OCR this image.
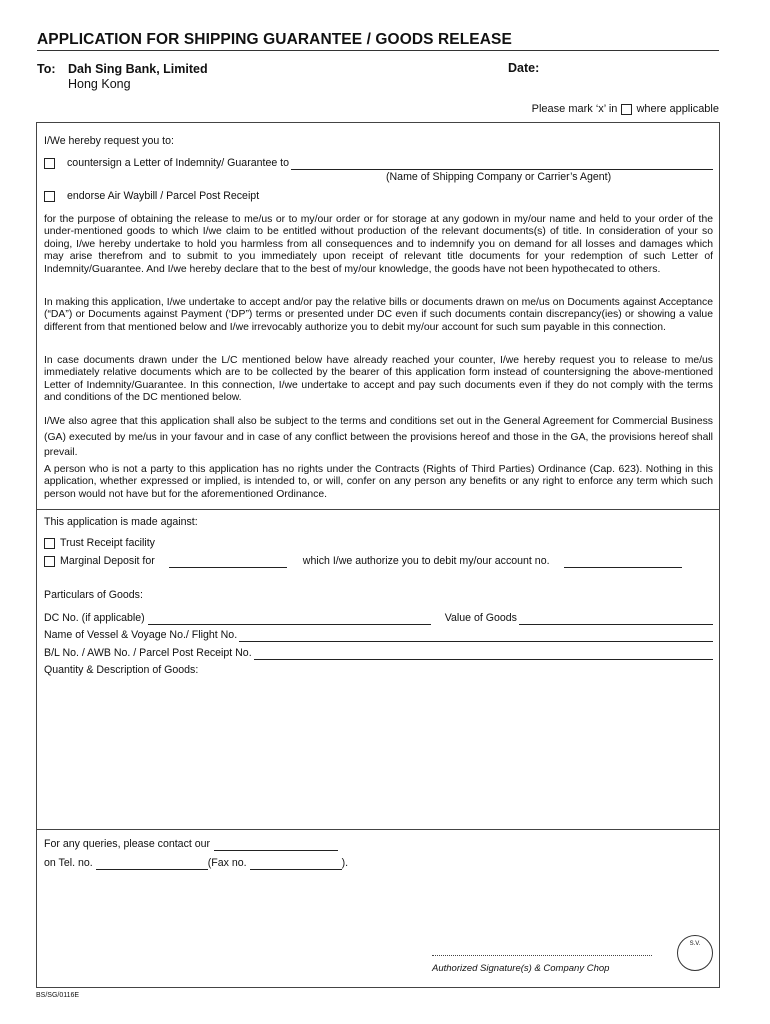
APPLICATION FOR SHIPPING GUARANTEE / GOODS RELEASE
To: Dah Sing Bank, Limited
Hong Kong
Date:
Please mark ‘x’ in where applicable
I/We hereby request you to:
countersign a Letter of Indemnity/ Guarantee to
(Name of Shipping Company or Carrier’s Agent)
endorse Air Waybill / Parcel Post Receipt
for the purpose of obtaining the release to me/us or to my/our order or for storage at any godown in my/our name and held to your order of the under-mentioned goods to which I/we claim to be entitled without production of the relevant documents(s) of title. In consideration of your so doing, I/we hereby undertake to hold you harmless from all consequences and to indemnify you on demand for all losses and damages which may arise therefrom and to submit to you immediately upon receipt of relevant title documents for your redemption of such Letter of Indemnity/Guarantee. And I/we hereby declare that to the best of my/our knowledge, the goods have not been hypothecated to others.
In making this application, I/we undertake to accept and/or pay the relative bills or documents drawn on me/us on Documents against Acceptance (“DA”) or Documents against Payment (‘DP”) terms or presented under DC even if such documents contain discrepancy(ies) or showing a value different from that mentioned below and I/we irrevocably authorize you to debit my/our account for such sum payable in this connection.
In case documents drawn under the L/C mentioned below have already reached your counter, I/we hereby request you to release to me/us immediately relative documents which are to be collected by the bearer of this application form instead of countersigning the above-mentioned Letter of Indemnity/Guarantee. In this connection, I/we undertake to accept and pay such documents even if they do not comply with the terms and conditions of the DC mentioned below.
I/We also agree that this application shall also be subject to the terms and conditions set out in the General Agreement for Commercial Business (GA) executed by me/us in your favour and in case of any conflict between the provisions hereof and those in the GA, the provisions hereof shall prevail.
A person who is not a party to this application has no rights under the Contracts (Rights of Third Parties) Ordinance (Cap. 623). Nothing in this application, whether expressed or implied, is intended to, or will, confer on any person any benefits or any right to enforce any term which such person would not have but for the aforementioned Ordinance.
This application is made against:
Trust Receipt facility
Marginal Deposit for	which I/we authorize you to debit my/our account no.
Particulars of Goods:
DC No. (if applicable)	Value of Goods
Name of Vessel & Voyage No./ Flight No.
B/L No. / AWB No. / Parcel Post Receipt No.
Quantity & Description of Goods:
For any queries, please contact our
on Tel. no.	(Fax no.	).
Authorized Signature(s) & Company Chop
S.V.
BS/SG/0116E
